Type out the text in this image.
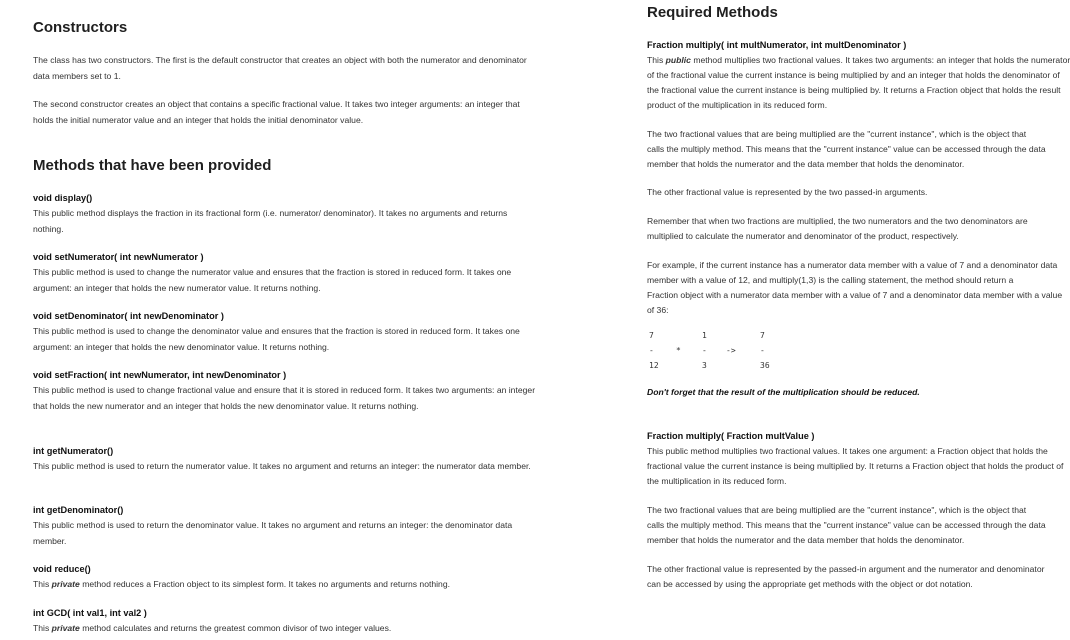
Constructors
The class has two constructors. The first is the default constructor that creates an object with both the numerator and denominator data members set to 1.
The second constructor creates an object that contains a specific fractional value. It takes two integer arguments: an integer that holds the initial numerator value and an integer that holds the initial denominator value.
Methods that have been provided
void display()
This public method displays the fraction in its fractional form (i.e. numerator/ denominator). It takes no arguments and returns nothing.
void setNumerator( int newNumerator )
This public method is used to change the numerator value and ensures that the fraction is stored in reduced form. It takes one argument: an integer that holds the new numerator value. It returns nothing.
void setDenominator( int newDenominator )
This public method is used to change the denominator value and ensures that the fraction is stored in reduced form. It takes one argument: an integer that holds the new denominator value. It returns nothing.
void setFraction( int newNumerator, int newDenominator )
This public method is used to change fractional value and ensure that it is stored in reduced form. It takes two arguments: an integer that holds the new numerator and an integer that holds the new denominator value. It returns nothing.
int getNumerator()
This public method is used to return the numerator value. It takes no argument and returns an integer: the numerator data member.
int getDenominator()
This public method is used to return the denominator value. It takes no argument and returns an integer: the denominator data member.
void reduce()
This private method reduces a Fraction object to its simplest form. It takes no arguments and returns nothing.
int GCD( int val1, int val2 )
This private method calculates and returns the greatest common divisor of two integer values.
Required Methods
Fraction multiply( int multNumerator, int multDenominator )
This public method multiplies two fractional values. It takes two arguments: an integer that holds the numerator
of the fractional value the current instance is being multiplied by and an integer that holds the denominator of
the fractional value the current instance is being multiplied by. It returns a Fraction object that holds the result
product of the multiplication in its reduced form.
The two fractional values that are being multiplied are the "current instance", which is the object that
calls the multiply method. This means that the "current instance" value can be accessed through the data
member that holds the numerator and the data member that holds the denominator.
The other fractional value is represented by the two passed-in arguments.
Remember that when two fractions are multiplied, the two numerators and the two denominators are
multiplied to calculate the numerator and denominator of the product, respectively.
For example, if the current instance has a numerator data member with a value of 7 and a denominator data
member with a value of 12, and multiply(1,3) is the calling statement, the method should return a
Fraction object with a numerator data member with a value of 7 and a denominator data member with a value
of 36:
7	1	7
-	*	- ->	-
12	3	36
Don't forget that the result of the multiplication should be reduced.
Fraction multiply( Fraction multValue )
This public method multiplies two fractional values. It takes one argument: a Fraction object that holds the
fractional value the current instance is being multiplied by. It returns a Fraction object that holds the product of
the multiplication in its reduced form.
The two fractional values that are being multiplied are the "current instance", which is the object that
calls the multiply method. This means that the "current instance" value can be accessed through the data
member that holds the numerator and the data member that holds the denominator.
The other fractional value is represented by the passed-in argument and the numerator and denominator
can be accessed by using the appropriate get methods with the object or dot notation.
